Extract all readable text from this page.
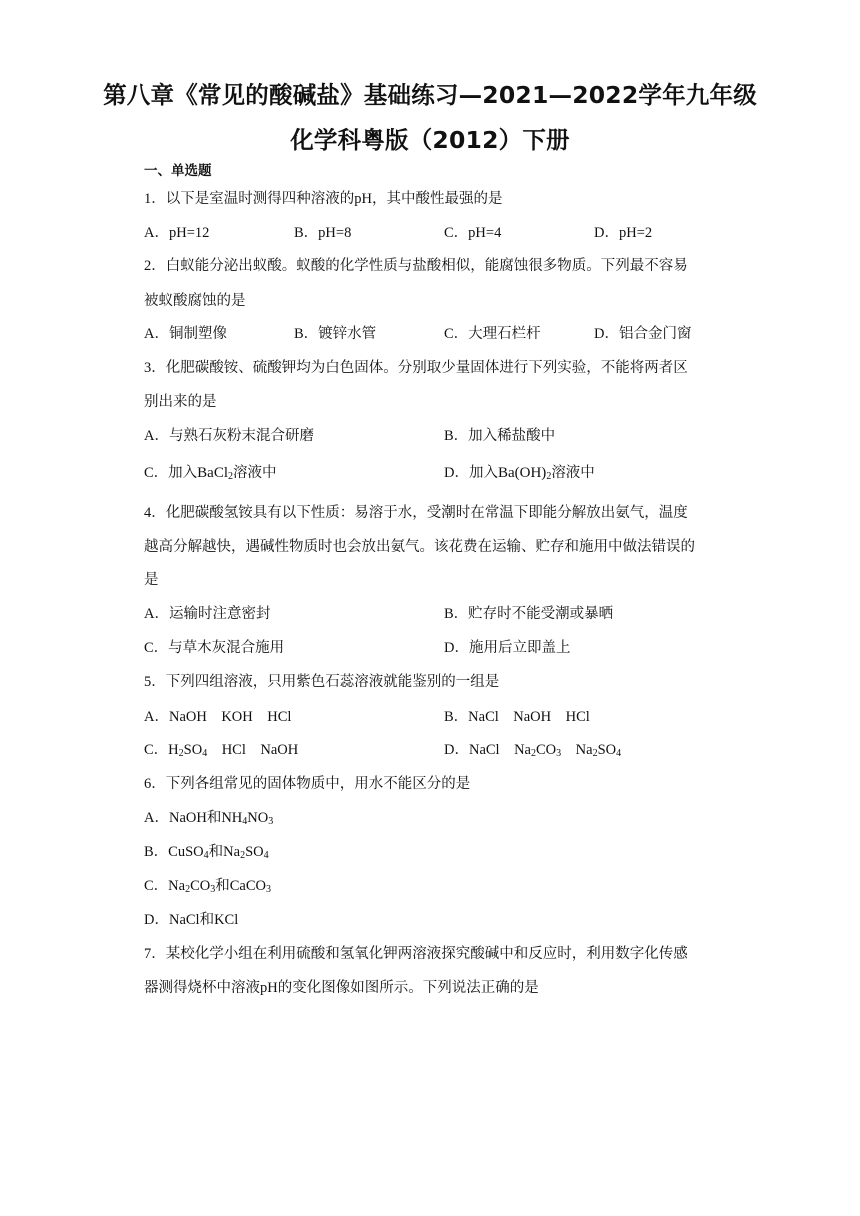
第八章《常见的酸碱盐》基础练习—2021—2022学年九年级
化学科粤版（2012）下册
一、单选题
1．以下是室温时测得四种溶液的pH，其中酸性最强的是
A．pH=12	B．pH=8	C．pH=4	D．pH=2
2．白蚁能分泌出蚁酸。蚁酸的化学性质与盐酸相似，能腐蚀很多物质。下列最不容易
被蚁酸腐蚀的是
A．铜制塑像	B．镀锌水管	C．大理石栏杆	D．铝合金门窗
3．化肥碳酸铵、硫酸钾均为白色固体。分别取少量固体进行下列实验，不能将两者区
别出来的是
A．与熟石灰粉末混合研磨	B．加入稀盐酸中
C．加入BaCl$_2$溶液中	D．加入$Ba(OH)_2$溶液中
4．化肥碳酸氢铵具有以下性质：易溶于水，受潮时在常温下即能分解放出氨气，温度
越高分解越快，遇碱性物质时也会放出氨气。该花费在运输、贮存和施用中做法错误的
是
A．运输时注意密封	B．贮存时不能受潮或暴晒
C．与草木灰混合施用	D．施用后立即盖上
5．下列四组溶液，只用紫色石蕊溶液就能鉴别的一组是
A．NaOH　KOH　HCl	B．NaCl　NaOH　HCl
C．$H_2SO_4$　HCl　NaOH	D．NaCl　$Na_2CO_3$　$Na_2SO_4$
6．下列各组常见的固体物质中，用水不能区分的是
A．NaOH和$NH_4NO_3$
B．CuSO$_4$和$Na_2SO_4$
C．$Na_2CO_3$和CaCO$_3$
D．NaCl和KCl
7．某校化学小组在利用硫酸和氢氧化钾两溶液探究酸碱中和反应时，利用数字化传感
器测得烧杯中溶液pH的变化图像如图所示。下列说法正确的是
